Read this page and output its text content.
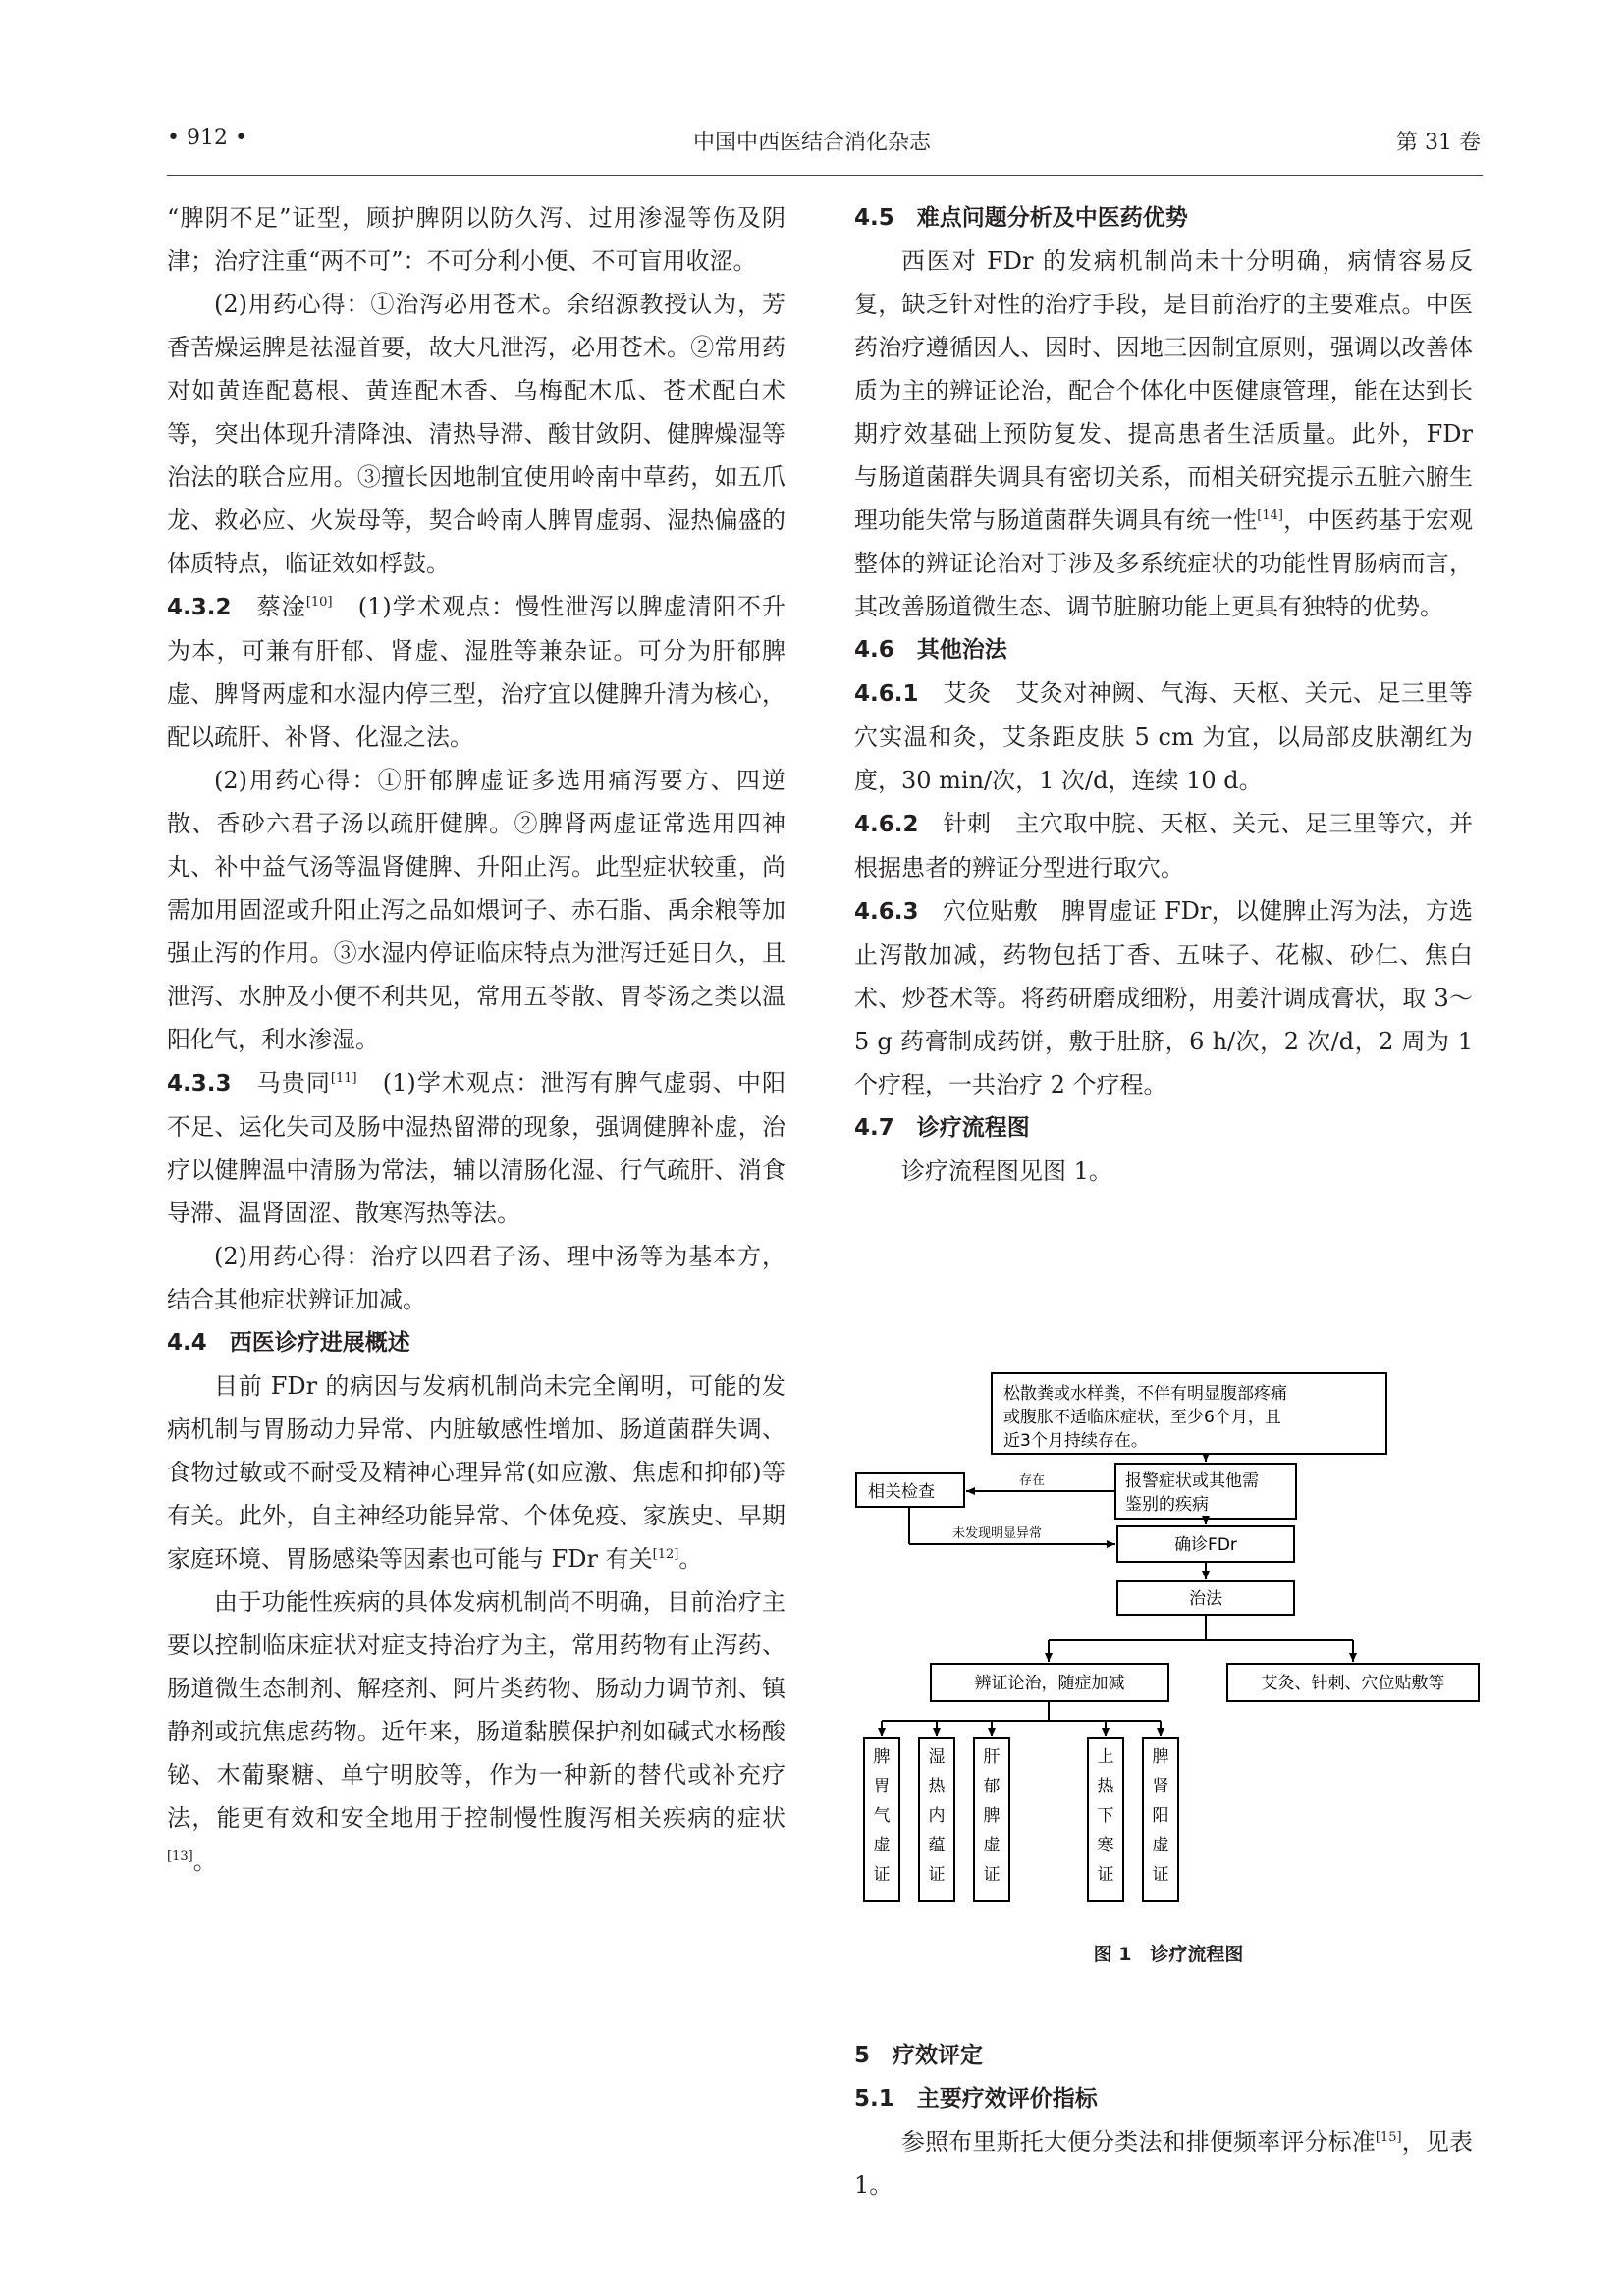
• 912 •	中国中西医结合消化杂志	第 31 卷

“脾阴不足”证型，顾护脾阴以防久泻、过用渗湿等伤及阴津；治疗注重“两不可”：不可分利小便、不可盲用收涩。

(2)用药心得：①治泻必用苍术。余绍源教授认为，芳香苦燥运脾是祛湿首要，故大凡泄泻，必用苍术。②常用药对如黄连配葛根、黄连配木香、乌梅配木瓜、苍术配白术等，突出体现升清降浊、清热导滞、酸甘敛阴、健脾燥湿等治法的联合应用。③擅长因地制宜使用岭南中草药，如五爪龙、救必应、火炭母等，契合岭南人脾胃虚弱、湿热偏盛的体质特点，临证效如桴鼓。

4.3.2　 蔡淦[10]　 (1)学术观点：慢性泄泻以脾虚清阳不升为本，可兼有肝郁、肾虚、湿胜等兼杂证。可分为肝郁脾虚、脾肾两虚和水湿内停三型，治疗宜以健脾升清为核心，配以疏肝、补肾、化湿之法。

(2)用药心得：①肝郁脾虚证多选用痛泻要方、四逆散、香砂六君子汤以疏肝健脾。②脾肾两虚证常选用四神丸、补中益气汤等温肾健脾、升阳止泻。此型症状较重，尚需加用固涩或升阳止泻之品如煨诃子、赤石脂、禹余粮等加强止泻的作用。③水湿内停证临床特点为泄泻迁延日久，且泄泻、水肿及小便不利共见，常用五苓散、胃苓汤之类以温阳化气，利水渗湿。

4.3.3　 马贵同[11]　 (1)学术观点：泄泻有脾气虚弱、中阳不足、运化失司及肠中湿热留滞的现象，强调健脾补虚，治疗以健脾温中清肠为常法，辅以清肠化湿、行气疏肝、消食导滞、温肾固涩、散寒泻热等法。

(2)用药心得：治疗以四君子汤、理中汤等为基本方，结合其他症状辨证加减。

4.4　 西医诊疗进展概述

目前 FDr 的病因与发病机制尚未完全阐明，可能的发病机制与胃肠动力异常、内脏敏感性增加、肠道菌群失调、食物过敏或不耐受及精神心理异常(如应激、焦虑和抑郁)等有关。此外，自主神经功能异常、个体免疫、家族史、早期家庭环境、胃肠感染等因素也可能与 FDr 有关[12]。

由于功能性疾病的具体发病机制尚不明确，目前治疗主要以控制临床症状对症支持治疗为主，常用药物有止泻药、肠道微生态制剂、解痉剂、阿片类药物、肠动力调节剂、镇静剂或抗焦虑药物。近年来，肠道黏膜保护剂如碱式水杨酸铋、木葡聚糖、单宁明胶等，作为一种新的替代或补充疗法，能更有效和安全地用于控制慢性腹泻相关疾病的症状[13]。

4.5　 难点问题分析及中医药优势

西医对 FDr 的发病机制尚未十分明确，病情容易反复，缺乏针对性的治疗手段，是目前治疗的主要难点。中医药治疗遵循因人、因时、因地三因制宜原则，强调以改善体质为主的辨证论治，配合个体化中医健康管理，能在达到长期疗效基础上预防复发、提高患者生活质量。此外，FDr 与肠道菌群失调具有密切关系，而相关研究提示五脏六腑生理功能失常与肠道菌群失调具有统一性[14]，中医药基于宏观整体的辨证论治对于涉及多系统症状的功能性胃肠病而言，其改善肠道微生态、调节脏腑功能上更具有独特的优势。

4.6　 其他治法

4.6.1　 艾灸　 艾灸对神阙、气海、天枢、关元、足三里等穴实温和灸，艾条距皮肤 5 cm 为宜，以局部皮肤潮红为度，30 min/次，1 次/d，连续 10 d。

4.6.2　 针刺　 主穴取中脘、天枢、关元、足三里等穴，并根据患者的辨证分型进行取穴。

4.6.3　 穴位贴敷　 脾胃虚证 FDr，以健脾止泻为法，方选止泻散加减，药物包括丁香、五味子、花椒、砂仁、焦白术、炒苍术等。将药研磨成细粉，用姜汁调成膏状，取 3～5 g 药膏制成药饼，敷于肚脐，6 h/次，2 次/d，2 周为 1 个疗程，一共治疗 2 个疗程。

4.7　 诊疗流程图

诊疗流程图见图 1。

松散粪或水样粪，不伴有明显腹部疼痛
或腹胀不适临床症状，至少6个月，且
近3个月持续存在。
相关检查
报警症状或其他需
鉴别的疾病
存在
未发现明显异常
确诊FDr
治法
辨证论治，随症加减	艾灸、针刺、穴位贴敷等
脾胃气虚证
湿热内蕴证
肝郁脾虚证
上热下寒证
脾肾阳虚证
图 1　诊疗流程图

5　 疗效评定

5.1　 主要疗效评价指标

参照布里斯托大便分类法和排便频率评分标准[15]，见表 1。
